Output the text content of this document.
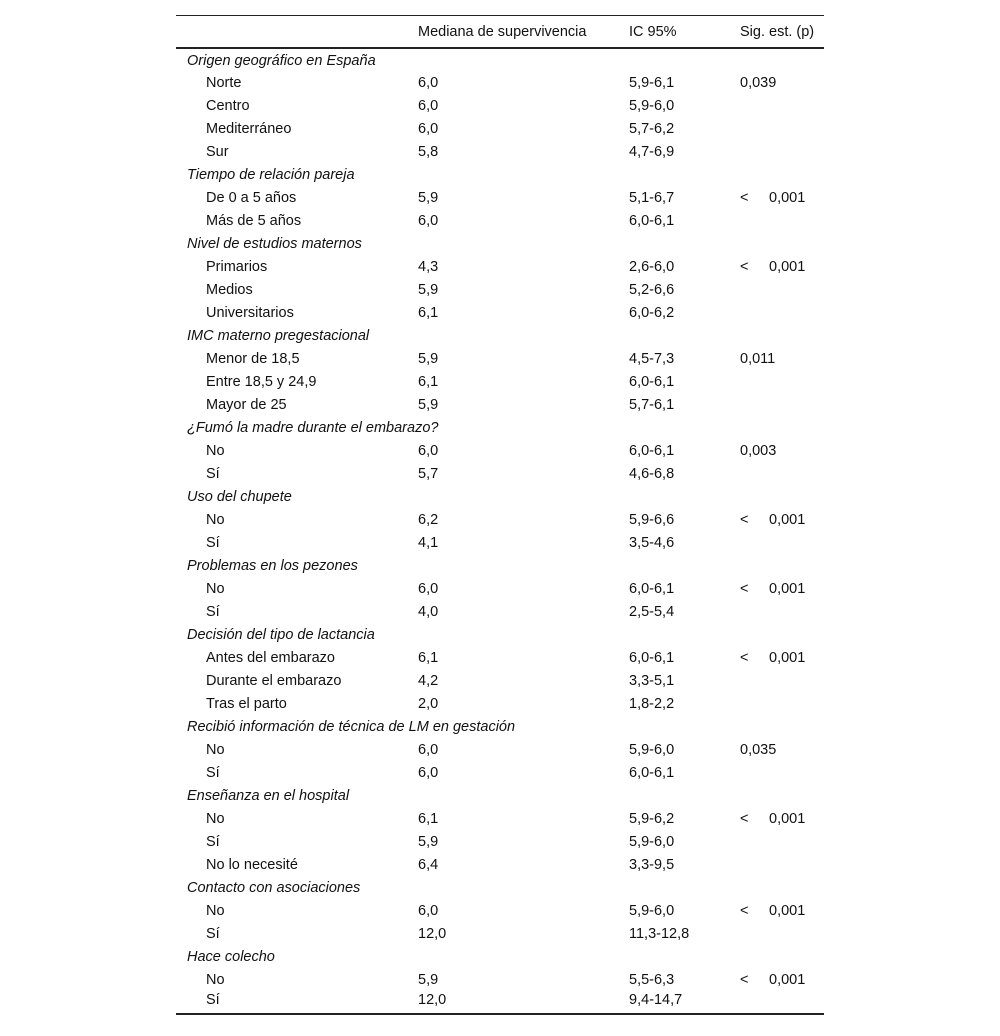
	Mediana de supervivencia	IC 95%	Sig. est. (p)
Origen geográfico en España			
Norte	6,0	5,9-6,1	0,039
Centro	6,0	5,9-6,0	
Mediterráneo	6,0	5,7-6,2	
Sur	5,8	4,7-6,9	
Tiempo de relación pareja			
De 0 a 5 años	5,9	5,1-6,7	< 0,001
Más de 5 años	6,0	6,0-6,1	
Nivel de estudios maternos			
Primarios	4,3	2,6-6,0	< 0,001
Medios	5,9	5,2-6,6	
Universitarios	6,1	6,0-6,2	
IMC materno pregestacional			
Menor de 18,5	5,9	4,5-7,3	0,011
Entre 18,5 y 24,9	6,1	6,0-6,1	
Mayor de 25	5,9	5,7-6,1	
¿Fumó la madre durante el embarazo?			
No	6,0	6,0-6,1	0,003
Sí	5,7	4,6-6,8	
Uso del chupete			
No	6,2	5,9-6,6	< 0,001
Sí	4,1	3,5-4,6	
Problemas en los pezones			
No	6,0	6,0-6,1	< 0,001
Sí	4,0	2,5-5,4	
Decisión del tipo de lactancia			
Antes del embarazo	6,1	6,0-6,1	< 0,001
Durante el embarazo	4,2	3,3-5,1	
Tras el parto	2,0	1,8-2,2	
Recibió información de técnica de LM en gestación			
No	6,0	5,9-6,0	0,035
Sí	6,0	6,0-6,1	
Enseñanza en el hospital			
No	6,1	5,9-6,2	< 0,001
Sí	5,9	5,9-6,0	
No lo necesité	6,4	3,3-9,5	
Contacto con asociaciones			
No	6,0	5,9-6,0	< 0,001
Sí	12,0	11,3-12,8	
Hace colecho			
No	5,9	5,5-6,3	< 0,001
Sí	12,0	9,4-14,7	
